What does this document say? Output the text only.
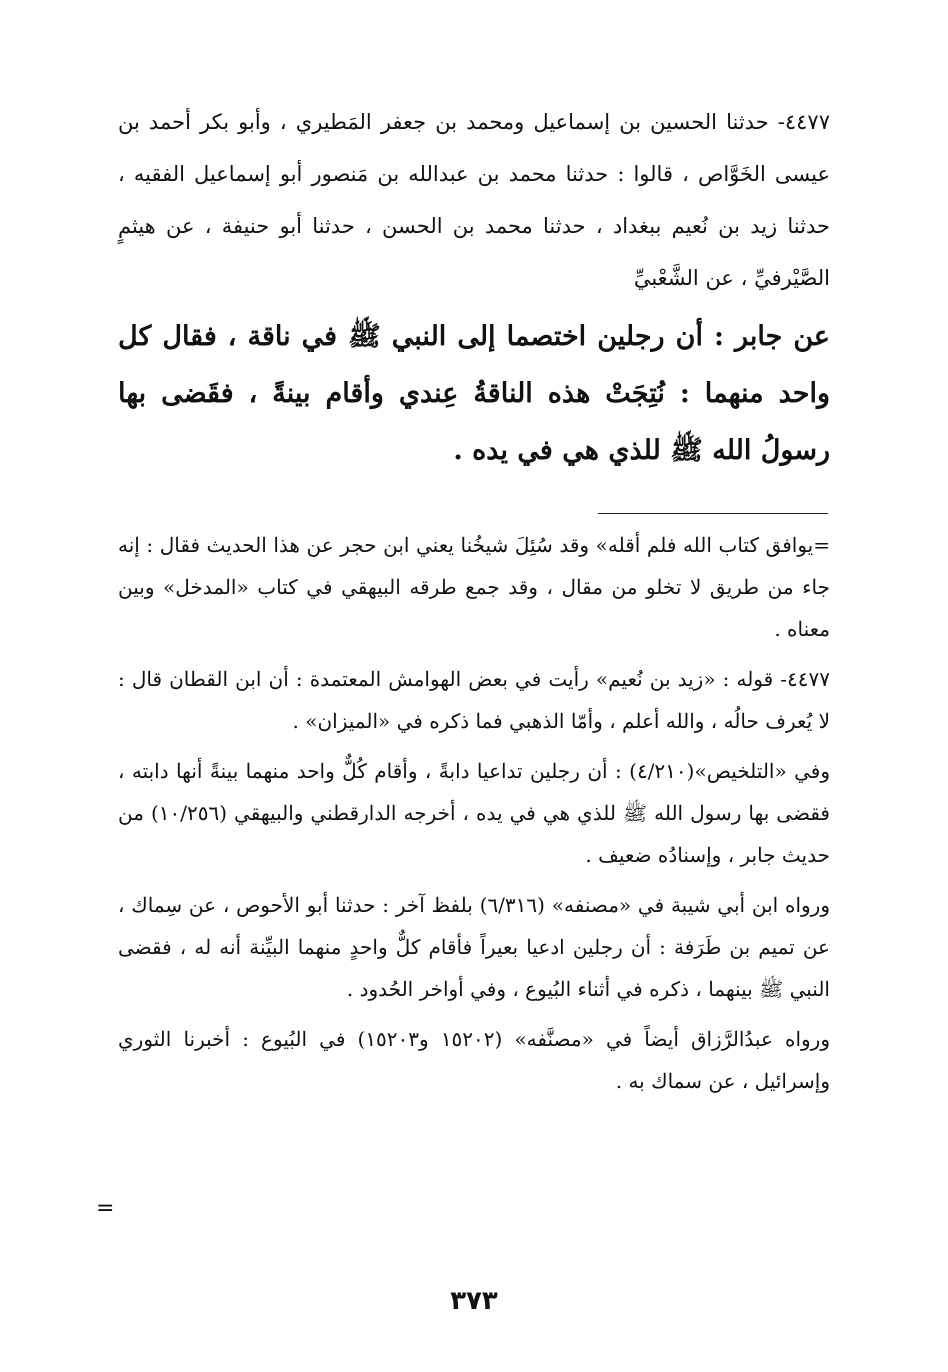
٤٤٧٧- حدثنا الحسين بن إسماعيل ومحمد بن جعفر المَطيري ، وأبو بكر أحمد بن عيسى الخَوَّاص ، قالوا : حدثنا محمد بن عبدالله بن مَنصور أبو إسماعيل الفقيه ، حدثنا زيد بن نُعيم ببغداد ، حدثنا محمد بن الحسن ، حدثنا أبو حنيفة ، عن هيثمٍ الصَّيْرفيِّ ، عن الشَّعْبيِّ

عن جابر : أن رجلين اختصما إلى النبي ﷺ في ناقة ، فقال كل واحد منهما : نُتِجَتْ هذه الناقةُ عِندي وأقام بينةً ، فقَضى بها رسولُ الله ﷺ للذي هي في يده .

=يوافق كتاب الله فلم أقله» وقد سُئِلَ شيخُنا يعني ابن حجر عن هذا الحديث فقال : إنه جاء من طريق لا تخلو من مقال ، وقد جمع طرقه البيهقي في كتاب «المدخل» وبين معناه .

٤٤٧٧- قوله : «زيد بن نُعيم» رأيت في بعض الهوامش المعتمدة : أن ابن القطان قال : لا يُعرف حالُه ، والله أعلم ، وأمّا الذهبي فما ذكره في «الميزان» .

وفي «التلخيص»(٤/٢١٠) : أن رجلين تداعيا دابةً ، وأقام كُلٌّ واحد منهما بينةً أنها دابته ، فقضى بها رسول الله ﷺ للذي هي في يده ، أخرجه الدارقطني والبيهقي (١٠/٢٥٦) من حديث جابر ، وإسنادُه ضعيف .

ورواه ابن أبي شيبة في «مصنفه» (٦/٣١٦) بلفظ آخر : حدثنا أبو الأحوص ، عن سِماك ، عن تميم بن طَرَفة : أن رجلين ادعيا بعيراً فأقام كلٌّ واحدٍ منهما البيِّنة أنه له ، فقضى النبي ﷺ بينهما ، ذكره في أثناء البُيوع ، وفي أواخر الحُدود .

ورواه عبدُالرَّزاق أيضاً في «مصنَّفه» (١٥٢٠٢ و١٥٢٠٣) في البُيوع : أخبرنا الثوري وإسرائيل ، عن سماك به .

=
٣٧٣
